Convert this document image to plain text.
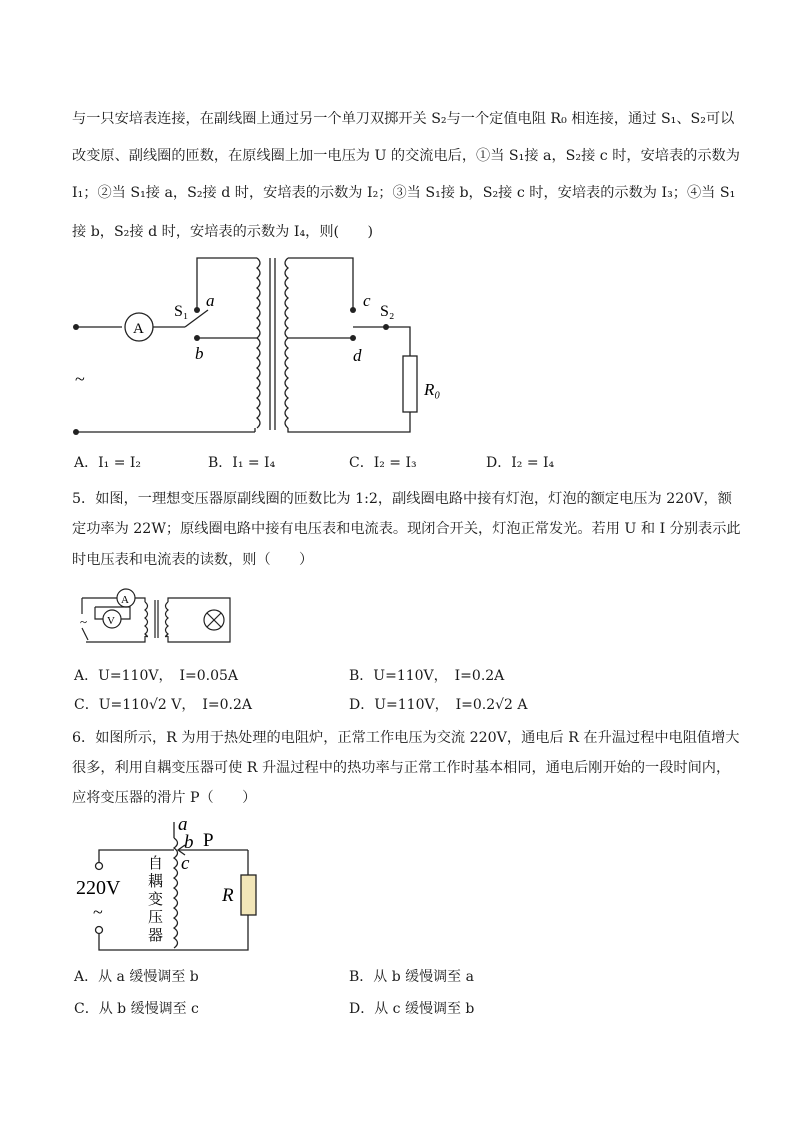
与一只安培表连接，在副线圈上通过另一个单刀双掷开关 S₂与一个定值电阻 R₀ 相连接，通过 S₁、S₂可以
改变原、副线圈的匝数，在原线圈上加一电压为 U 的交流电后，①当 S₁接 a，S₂接 c 时，安培表的示数为
I₁；②当 S₁接 a，S₂接 d 时，安培表的示数为 I₂；③当 S₁接 b，S₂接 c 时，安培表的示数为 I₃；④当 S₁
接 b，S₂接 d 时，安培表的示数为 I₄，则(　　)
A
S₁
a
b
c
d
S₂
R₀
~
A．I₁ = I₂	B．I₁ = I₄	C．I₂ = I₃	D．I₂ = I₄
5．如图，一理想变压器原副线圈的匝数比为 1:2，副线圈电路中接有灯泡，灯泡的额定电压为 220V，额
定功率为 22W；原线圈电路中接有电压表和电流表。现闭合开关，灯泡正常发光。若用 U 和 I 分别表示此
时电压表和电流表的读数，则（　　）
A
V
~
A．U=110V，　I=0.05A	B．U=110V，　I=0.2A
C．U=110√2 V，　I=0.2A	D．U=110V，　I=0.2√2 A
6．如图所示，R 为用于热处理的电阻炉，正常工作电压为交流 220V，通电后 R 在升温过程中电阻值增大
很多，利用自耦变压器可使 R 升温过程中的热功率与正常工作时基本相同，通电后刚开始的一段时间内，
应将变压器的滑片 P（　　）
a
b P
c
220V
~
R
自
耦
变
压
器
A．从 a 缓慢调至 b	B．从 b 缓慢调至 a
C．从 b 缓慢调至 c	D．从 c 缓慢调至 b
